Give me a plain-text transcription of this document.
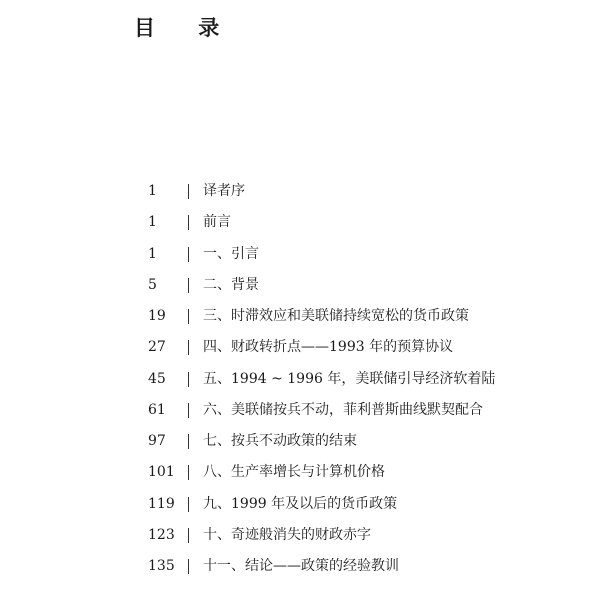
目 录
1	译者序
1	前言
1	一、引言
5	二、背景
19	三、时滞效应和美联储持续宽松的货币政策
27	四、财政转折点——1993 年的预算协议
45	五、1994 ~ 1996 年，美联储引导经济软着陆
61	六、美联储按兵不动，菲利普斯曲线默契配合
97	七、按兵不动政策的结束
101 八、生产率增长与计算机价格
119 九、1999 年及以后的货币政策
123 十、奇迹般消失的财政赤字
135 十一、结论——政策的经验教训
